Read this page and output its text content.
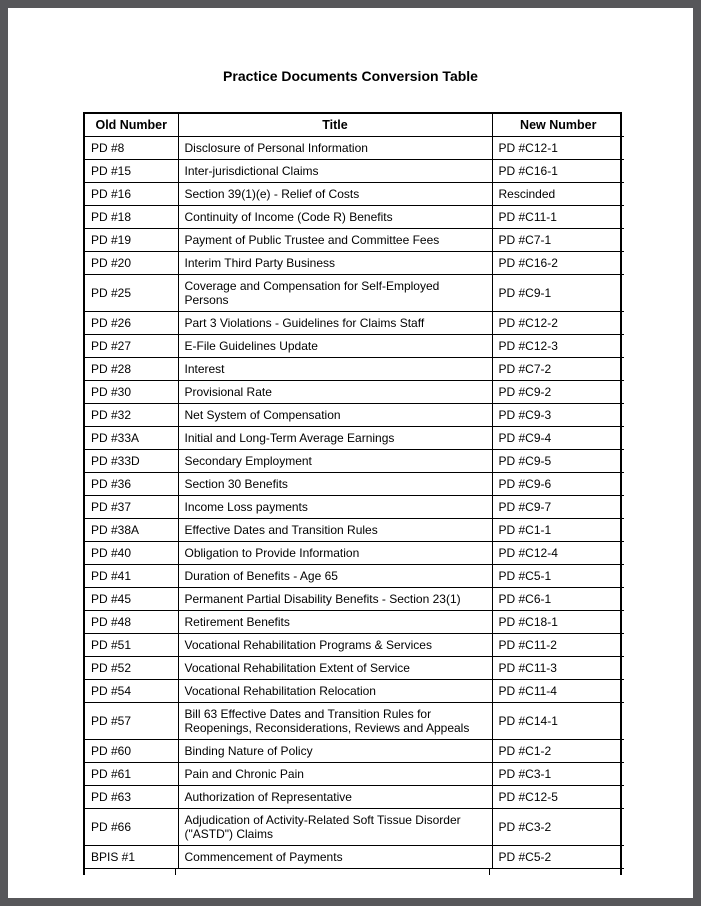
Practice Documents Conversion Table
Old Number	Title	New Number
PD #8	Disclosure of Personal Information	PD #C12-1
PD #15	Inter-jurisdictional Claims	PD #C16-1
PD #16	Section 39(1)(e) - Relief of Costs	Rescinded
PD #18	Continuity of Income (Code R) Benefits	PD #C11-1
PD #19	Payment of Public Trustee and Committee Fees	PD #C7-1
PD #20	Interim Third Party Business	PD #C16-2
PD #25	Coverage and Compensation for Self-Employed Persons	PD #C9-1
PD #26	Part 3 Violations - Guidelines for Claims Staff	PD #C12-2
PD #27	E-File Guidelines Update	PD #C12-3
PD #28	Interest	PD #C7-2
PD #30	Provisional Rate	PD #C9-2
PD #32	Net System of Compensation	PD #C9-3
PD #33A	Initial and Long-Term Average Earnings	PD #C9-4
PD #33D	Secondary Employment	PD #C9-5
PD #36	Section 30 Benefits	PD #C9-6
PD #37	Income Loss payments	PD #C9-7
PD #38A	Effective Dates and Transition Rules	PD #C1-1
PD #40	Obligation to Provide Information	PD #C12-4
PD #41	Duration of Benefits - Age 65	PD #C5-1
PD #45	Permanent Partial Disability Benefits - Section 23(1)	PD #C6-1
PD #48	Retirement Benefits	PD #C18-1
PD #51	Vocational Rehabilitation Programs & Services	PD #C11-2
PD #52	Vocational Rehabilitation Extent of Service	PD #C11-3
PD #54	Vocational Rehabilitation Relocation	PD #C11-4
PD #57	Bill 63 Effective Dates and Transition Rules for Reopenings, Reconsiderations, Reviews and Appeals	PD #C14-1
PD #60	Binding Nature of Policy	PD #C1-2
PD #61	Pain and Chronic Pain	PD #C3-1
PD #63	Authorization of Representative	PD #C12-5
PD #66	Adjudication of Activity-Related Soft Tissue Disorder ("ASTD") Claims	PD #C3-2
BPIS #1	Commencement of Payments	PD #C5-2
